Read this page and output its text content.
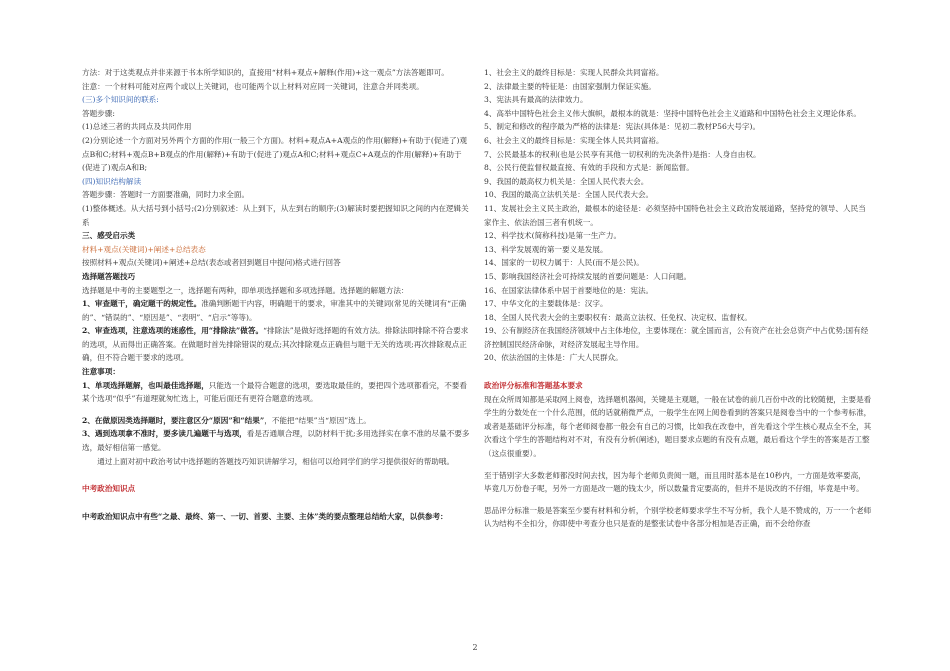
方法：对于这类观点并非来源于书本所学知识的，直接用“材料+观点+解释(作用)+这一观点”方法答题即可。

注意：一个材料可能对应两个或以上关键词，也可能两个以上材料对应同一关键词，注意合并同类项。

(三)多个知识间的联系:

答题步骤:

(1)总述三者的共同点及共同作用

(2)分别论述一个方面对另外两个方面的作用(一般三个方面)。材料+观点A+A观点的作用(解释)+有助于(促进了)观点B和C;材料+观点B+B观点的作用(解释)+有助于(促进了)观点A和C;材料+观点C+A观点的作用(解释)+有助于(促进了)观点A和B;

(四)知识结构解读

答题步骤：答题时一方面要准确，同时力求全面。

(1)整体概述。从大括号到小括号;(2)分别叙述：从上到下，从左到右的顺序;(3)解读时要把握知识之间的内在逻辑关系

三、感受启示类

材料+观点(关键词)+阐述+总结表态

按照材料+观点(关键词)+阐述+总结(表态或者回到题目中提问)格式进行回答

选择题答题技巧

选择题是中考的主要题型之一，选择题有两种，即单项选择题和多项选择题。选择题的解题方法：

1、审查题干，确定题干的规定性。准确判断题干内容，明确题干的要求，审准其中的关键词(常见的关键词有“正确的”、“错误的”、“原因是”、“表明”、“启示”等等)。

2、审查选项，注意选项的迷惑性，用“排除法”做答。“排除法”是做好选择题的有效方法。排除法即排除不符合要求的选项，从而得出正确答案。在做题时首先排除错误的观点;其次排除观点正确但与题干无关的选项;再次排除观点正确，但不符合题干要求的选项。

注意事项：

1、单项选择题解，也叫最佳选择题，只能选一个最符合题意的选项，要选取最佳的，要把四个选项都看完，不要看某个选项“似乎”有道理就匆忙选上，可能后面还有更符合题意的选项。

2、在做原因类选择题时，要注意区分“原因”和“结果”，不能把“结果”当“原因”选上。

3、遇到选项拿不准时，要多读几遍题干与选项，看是否通顺合理，以防材料干扰;多用选择实在拿不准的尽量不要多选，最好相信第一感觉。

通过上面对初中政治考试中选择题的答题技巧知识讲解学习，相信可以给同学们的学习提供很好的帮助哦。

中考政治知识点

中考政治知识点中有些“之最、最终、第一、一切、首要、主要、主体”类的要点整理总结给大家，以供参考：

1、社会主义的最终目标是：实现人民群众共同富裕。

2、法律最主要的特征是：由国家强制力保证实施。

3、宪法具有最高的法律效力。

4、高举中国特色社会主义伟大旗帜，最根本的就是：坚持中国特色社会主义道路和中国特色社会主义理论体系。

5、制定和修改的程序最为严格的法律是：宪法(具体是：见初二教材P56大号字)。

6、社会主义的最终目标是：实现全体人民共同富裕。

7、公民最基本的权利(也是公民享有其他一切权利的先决条件)是指：人身自由权。

8、公民行使监督权最直接、有效的手段和方式是：新闻监督。

9、我国的最高权力机关是：全国人民代表大会。

10、我国的最高立法机关是：全国人民代表大会。

11、发展社会主义民主政治，最根本的途径是：必须坚持中国特色社会主义政治发展道路，坚持党的领导、人民当家作主、依法治国三者有机统一。

12、科学技术(简称科技)是第一生产力。

13、科学发展观的第一要义是发展。

14、国家的一切权力属于：人民(而不是公民)。

15、影响我国经济社会可持续发展的首要问题是：人口问题。

16、在国家法律体系中居于首要地位的是：宪法。

17、中华文化的主要载体是：汉字。

18、全国人民代表大会的主要职权有：最高立法权、任免权、决定权、监督权。

19、公有制经济在我国经济领域中占主体地位，主要体现在：就全国而言，公有资产在社会总资产中占优势;国有经济控制国民经济命脉，对经济发展起主导作用。

20、依法治国的主体是：广大人民群众。

政治评分标准和答题基本要求

现在众所周知都是采取网上阅卷，选择题机器阅，关键是主观题，一般在试卷的前几百份中改的比较随便，主要是看学生的分数处在一个什么范围，低的话就稍微严点，一般学生在网上阅卷看到的答案只是阅卷当中的一个参考标准，或者是基础评分标准，每个老师阅卷都一般会有自己的习惯，比如我在改卷中，首先看这个学生核心观点全不全，其次看这个学生的答题结构对不对，有没有分析(阐述)，题目要求点题的有没有点题，最后看这个学生的答案是否工整（这点很重要）。

至于错别字大多数老师都没时间去找，因为每个老师负责阅一题，而且用时基本是在10秒内，一方面是效率要高，毕竟几万份卷子呢，另外一方面是改一题的钱太少，所以数量肯定要高的，但并不是说改的不仔细，毕竟是中考。

思品评分标准一般是答案至少要有材料和分析，个别学校老师要求学生不写分析，我个人是不赞成的，万一一个老师认为结构不全扣分，你即使中考查分也只是查的是整张试卷中各部分相加是否正确，而不会给你查

2
